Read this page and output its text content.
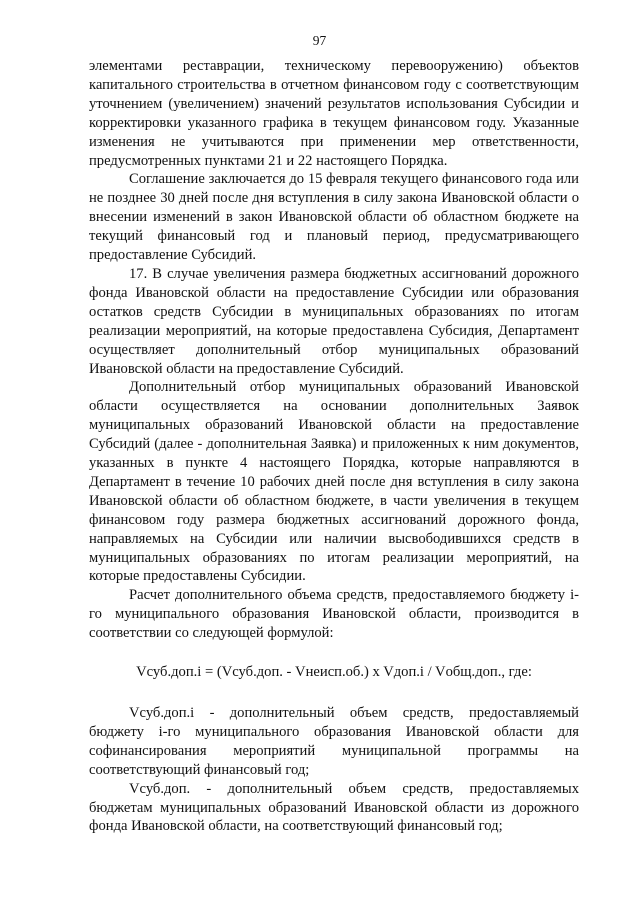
97

элементами реставрации, техническому перевооружению) объектов капитального строительства в отчетном финансовом году с соответствующим уточнением (увеличением) значений результатов использования Субсидии и корректировки указанного графика в текущем финансовом году. Указанные изменения не учитываются при применении мер ответственности, предусмотренных пунктами 21 и 22 настоящего Порядка.

Соглашение заключается до 15 февраля текущего финансового года или не позднее 30 дней после дня вступления в силу закона Ивановской области о внесении изменений в закон Ивановской области об областном бюджете на текущий финансовый год и плановый период, предусматривающего предоставление Субсидий.

17. В случае увеличения размера бюджетных ассигнований дорожного фонда Ивановской области на предоставление Субсидии или образования остатков средств Субсидии в муниципальных образованиях по итогам реализации мероприятий, на которые предоставлена Субсидия, Департамент осуществляет дополнительный отбор муниципальных образований Ивановской области на предоставление Субсидий.

Дополнительный отбор муниципальных образований Ивановской области осуществляется на основании дополнительных Заявок муниципальных образований Ивановской области на предоставление Субсидий (далее - дополнительная Заявка) и приложенных к ним документов, указанных в пункте 4 настоящего Порядка, которые направляются в Департамент в течение 10 рабочих дней после дня вступления в силу закона Ивановской области об областном бюджете, в части увеличения в текущем финансовом году размера бюджетных ассигнований дорожного фонда, направляемых на Субсидии или наличии высвободившихся средств в муниципальных образованиях по итогам реализации мероприятий, на которые предоставлены Субсидии.

Расчет дополнительного объема средств, предоставляемого бюджету i-го муниципального образования Ивановской области, производится в соответствии со следующей формулой:

Vсуб.доп.i = (Vсуб.доп. - Vнеисп.об.) x Vдоп.i / Vобщ.доп., где:

Vсуб.доп.i - дополнительный объем средств, предоставляемый бюджету i-го муниципального образования Ивановской области для софинансирования мероприятий муниципальной программы на соответствующий финансовый год;

Vсуб.доп. - дополнительный объем средств, предоставляемых бюджетам муниципальных образований Ивановской области из дорожного фонда Ивановской области, на соответствующий финансовый год;
